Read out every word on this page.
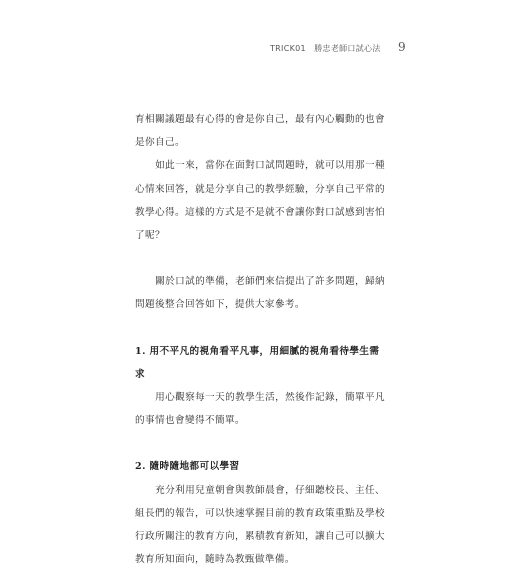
TRICK01　勝忠老師口試心法 9

育相關議題最有心得的會是你自己，最有內心觸動的也會是你自己。

如此一來，當你在面對口試問題時，就可以用那一種心情來回答，就是分享自己的教學經驗，分享自己平常的教學心得。這樣的方式是不是就不會讓你對口試感到害怕了呢？

關於口試的準備，老師們來信提出了許多問題，歸納問題後整合回答如下，提供大家參考。

1. 用不平凡的視角看平凡事，用細膩的視角看待學生需求

用心觀察每一天的教學生活，然後作記錄，簡單平凡的事情也會變得不簡單。

2. 隨時隨地都可以學習

充分利用兒童朝會與教師晨會，仔細聽校長、主任、組長們的報告，可以快速掌握目前的教育政策重點及學校行政所關注的教育方向，累積教育新知，讓自己可以擴大教育所知面向，隨時為教甄做準備。
